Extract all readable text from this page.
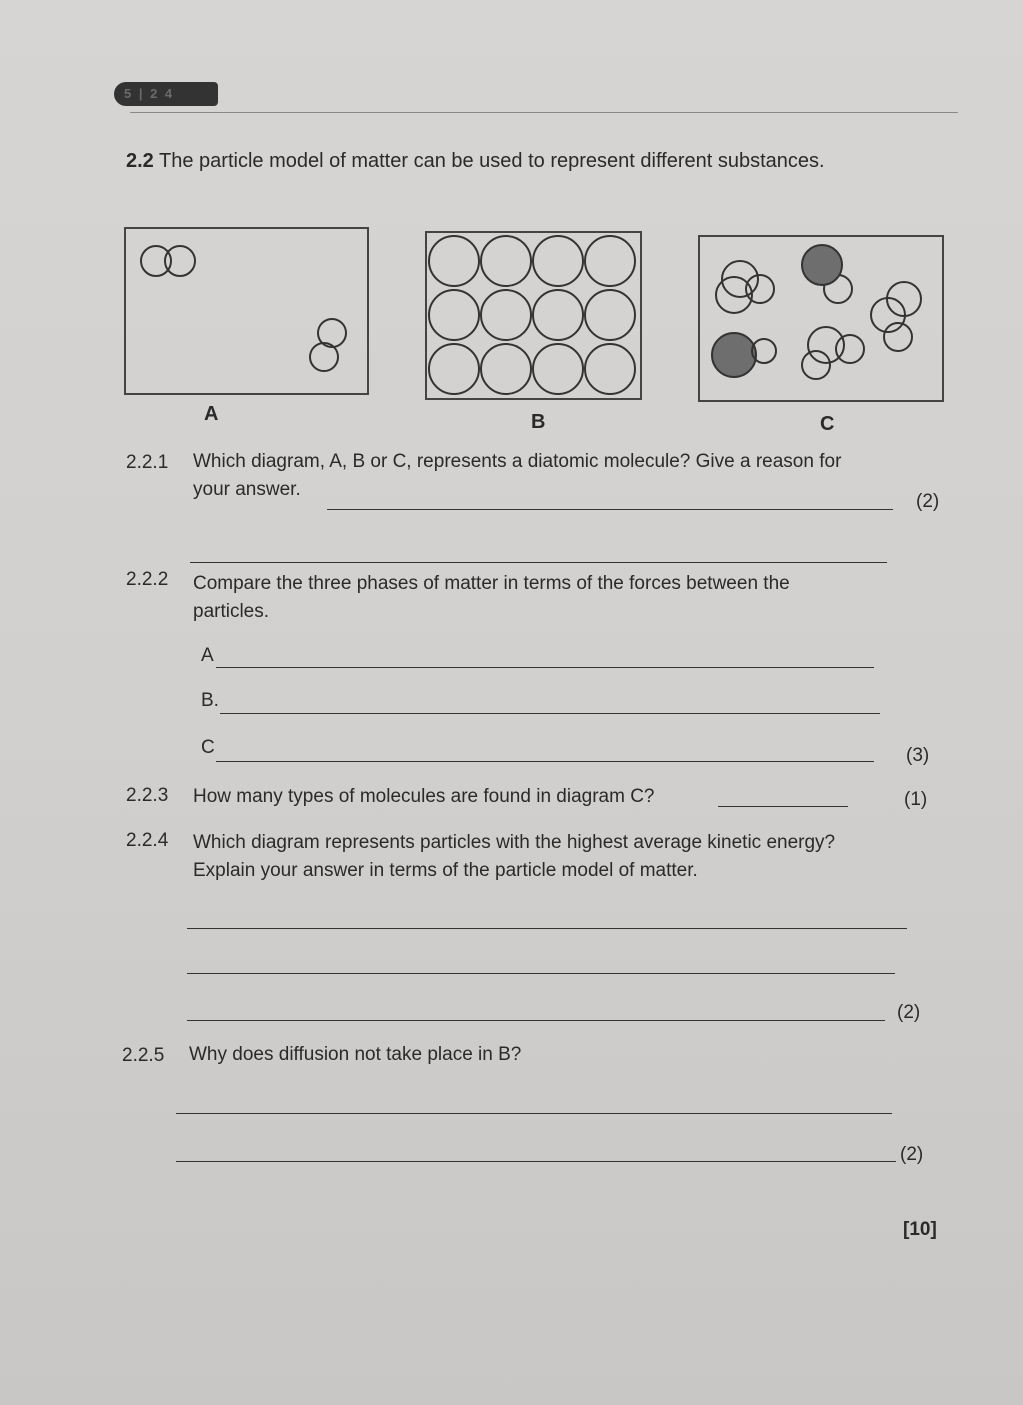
5 | 2 4
2.2 The particle model of matter can be used to represent different substances.
A	B	C
2.2.1 Which diagram, A, B or C, represents a diatomic molecule? Give a reason for
your answer.
(2)
2.2.2 Compare the three phases of matter in terms of the forces between the
particles.
A
B.
C	(3)
2.2.3 How many types of molecules are found in diagram C?	(1)
2.2.4 Which diagram represents particles with the highest average kinetic energy?
Explain your answer in terms of the particle model of matter.
(2)
2.2.5 Why does diffusion not take place in B?
(2)
[10]
